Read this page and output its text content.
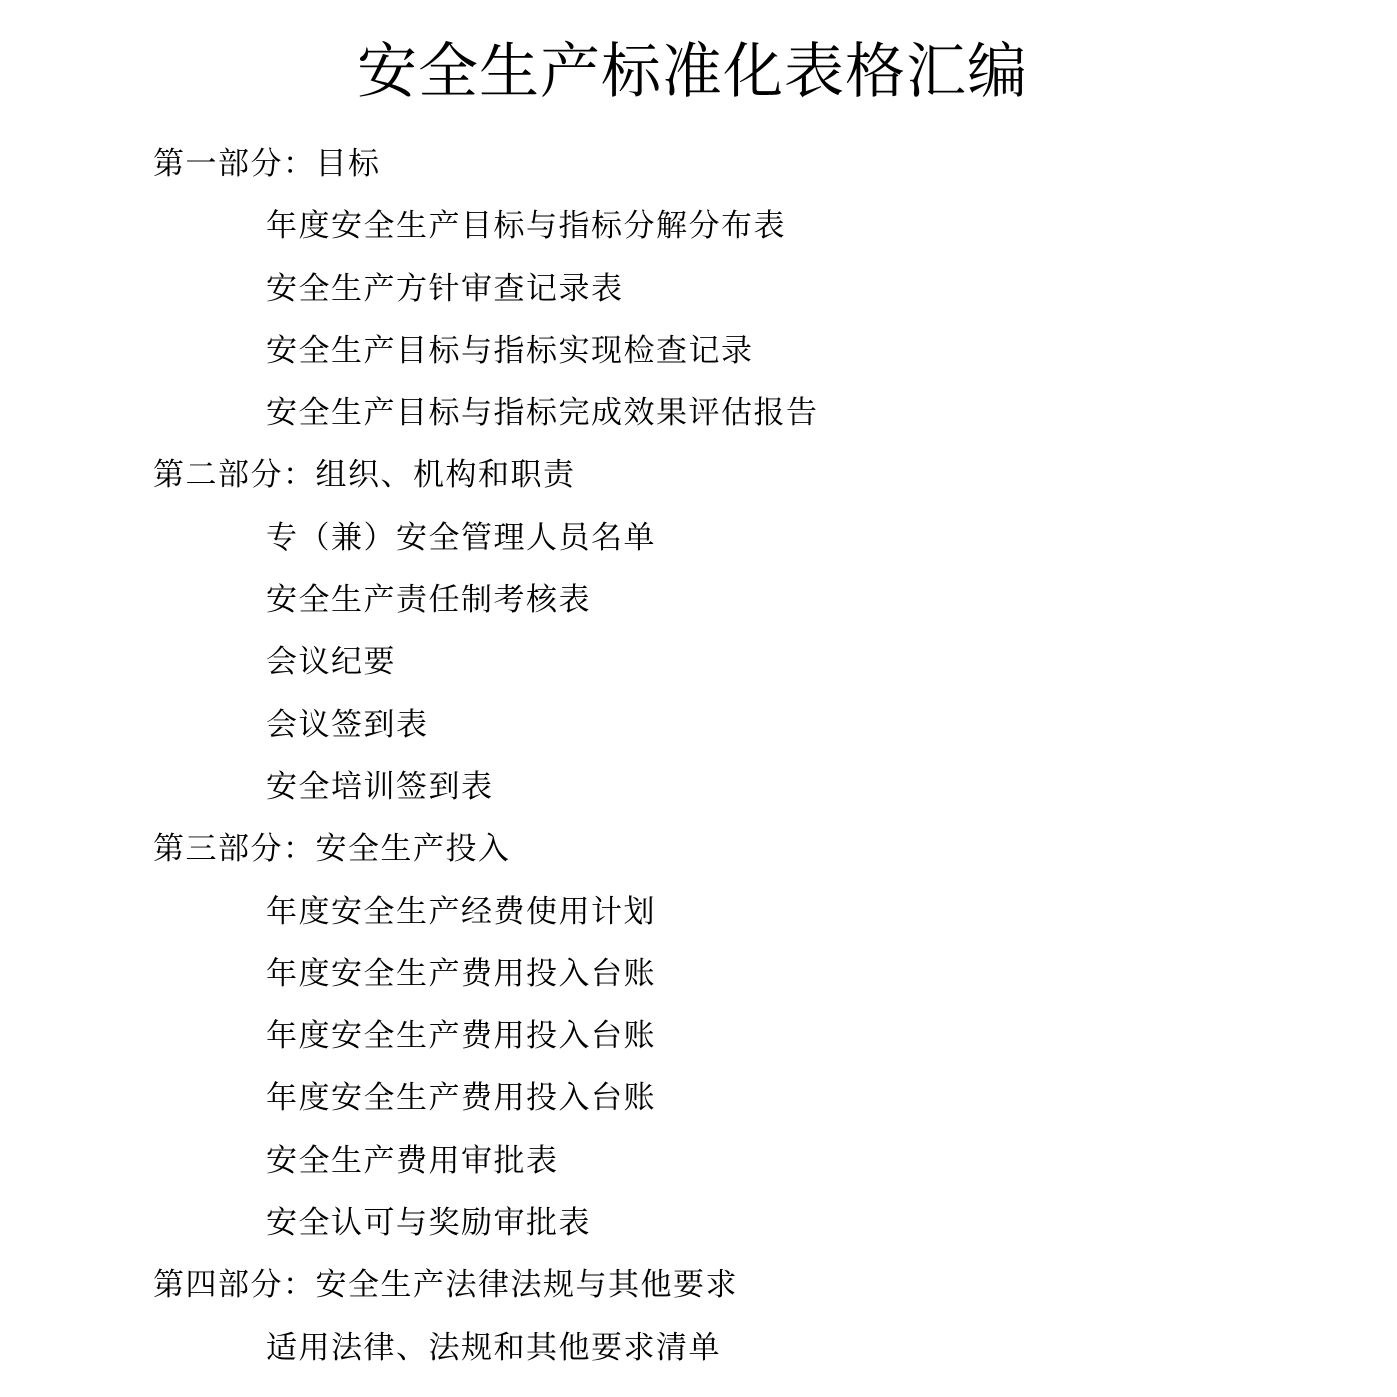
安全生产标准化表格汇编
第一部分：目标
年度安全生产目标与指标分解分布表
安全生产方针审查记录表
安全生产目标与指标实现检查记录
安全生产目标与指标完成效果评估报告
第二部分：组织、机构和职责
专（兼）安全管理人员名单
安全生产责任制考核表
会议纪要
会议签到表
安全培训签到表
第三部分：安全生产投入
年度安全生产经费使用计划
年度安全生产费用投入台账
年度安全生产费用投入台账
年度安全生产费用投入台账
安全生产费用审批表
安全认可与奖励审批表
第四部分：安全生产法律法规与其他要求
适用法律、法规和其他要求清单
